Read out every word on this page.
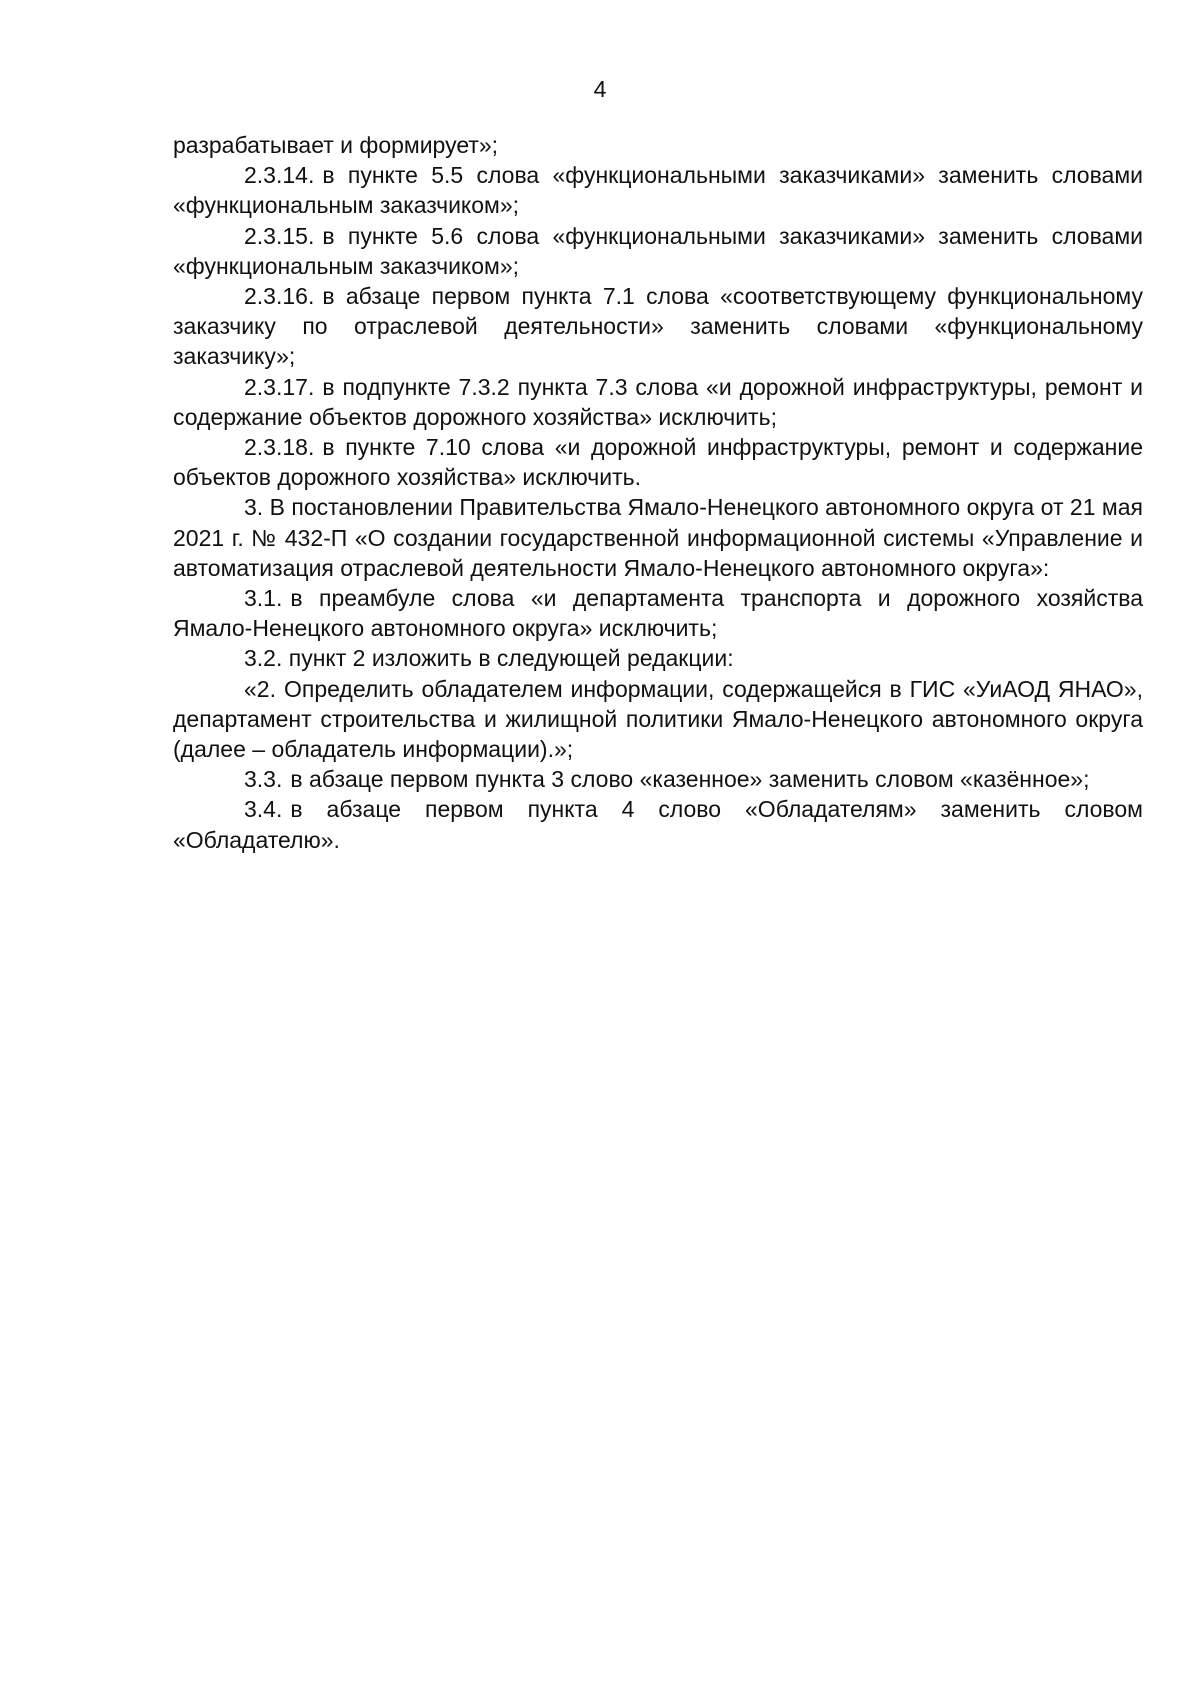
4

разрабатывает и формирует»;

2.3.14. в пункте 5.5 слова «функциональными заказчиками» заменить словами «функциональным заказчиком»;

2.3.15. в пункте 5.6 слова «функциональными заказчиками» заменить словами «функциональным заказчиком»;

2.3.16. в абзаце первом пункта 7.1 слова «соответствующему функциональному заказчику по отраслевой деятельности» заменить словами «функциональному заказчику»;

2.3.17. в подпункте 7.3.2 пункта 7.3 слова «и дорожной инфраструктуры, ремонт и содержание объектов дорожного хозяйства» исключить;

2.3.18. в пункте 7.10 слова «и дорожной инфраструктуры, ремонт и содержание объектов дорожного хозяйства» исключить.

3. В постановлении Правительства Ямало-Ненецкого автономного округа от 21 мая 2021 г. № 432-П «О создании государственной информационной системы «Управление и автоматизация отраслевой деятельности Ямало-Ненецкого автономного округа»:

3.1. в преамбуле слова «и департамента транспорта и дорожного хозяйства Ямало-Ненецкого автономного округа» исключить;

3.2. пункт 2 изложить в следующей редакции:

«2. Определить обладателем информации, содержащейся в ГИС «УиАОД ЯНАО», департамент строительства и жилищной политики Ямало-Ненецкого автономного округа (далее – обладатель информации).»;

3.3. в абзаце первом пункта 3 слово «казенное» заменить словом «казённое»;

3.4. в абзаце первом пункта 4 слово «Обладателям» заменить словом «Обладателю».
